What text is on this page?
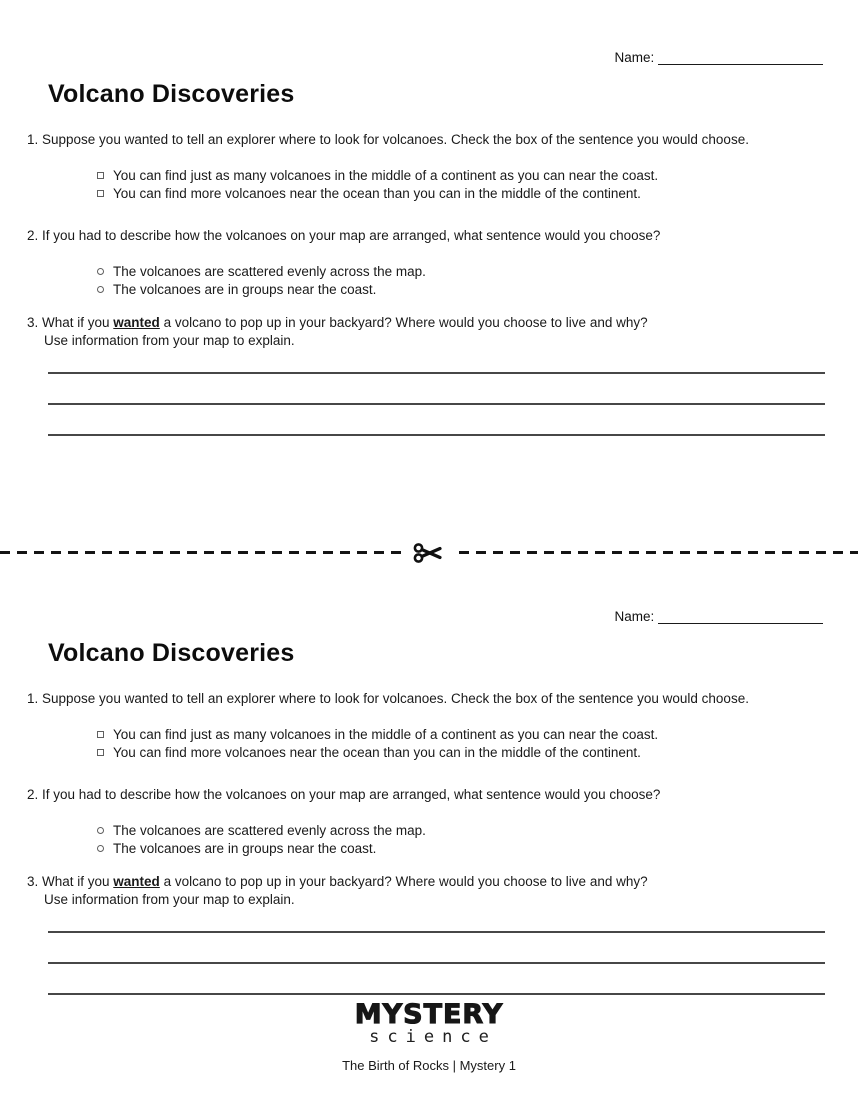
Name:
Volcano Discoveries

1. Suppose you wanted to tell an explorer where to look for volcanoes. Check the box of the sentence you would choose.

You can find just as many volcanoes in the middle of a continent as you can near the coast.
You can find more volcanoes near the ocean than you can in the middle of the continent.

2. If you had to describe how the volcanoes on your map are arranged, what sentence would you choose?

The volcanoes are scattered evenly across the map.
The volcanoes are in groups near the coast.
3. What if you wanted a volcano to pop up in your backyard? Where would you choose to live and why?
Use information from your map to explain.
Name:
Volcano Discoveries

1. Suppose you wanted to tell an explorer where to look for volcanoes. Check the box of the sentence you would choose.

You can find just as many volcanoes in the middle of a continent as you can near the coast.
You can find more volcanoes near the ocean than you can in the middle of the continent.

2. If you had to describe how the volcanoes on your map are arranged, what sentence would you choose?

The volcanoes are scattered evenly across the map.
The volcanoes are in groups near the coast.
3. What if you wanted a volcano to pop up in your backyard? Where would you choose to live and why?
Use information from your map to explain.
MYSTERY
science
The Birth of Rocks | Mystery 1
